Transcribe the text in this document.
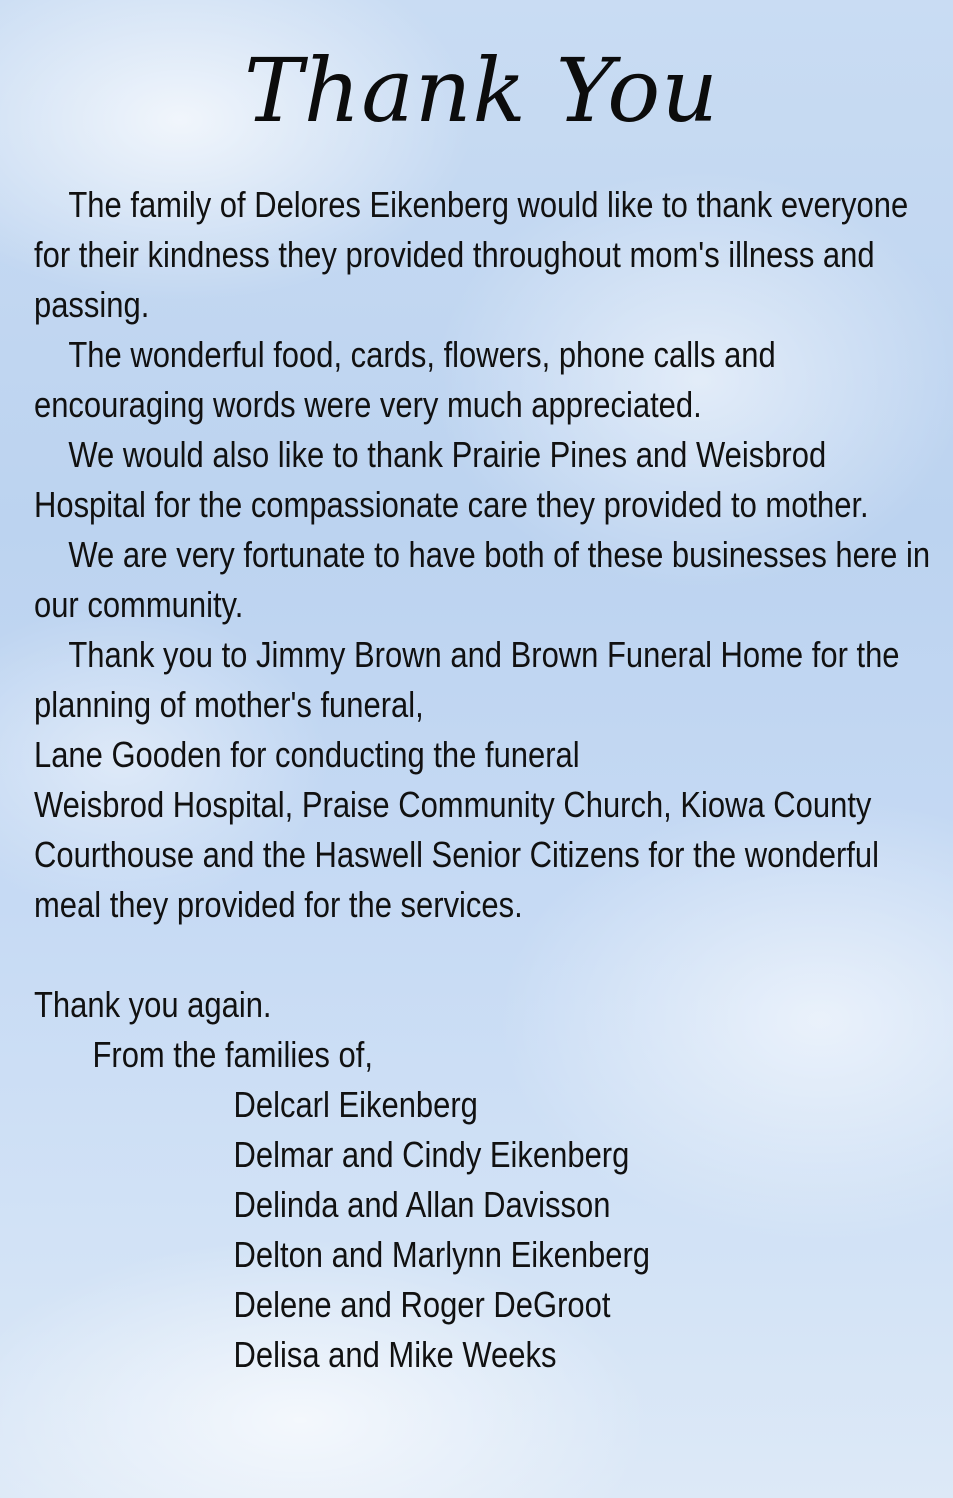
Thank You

The family of Delores Eikenberg would like to thank everyone for their kindness they provided throughout mom's illness and passing.

The wonderful food, cards, flowers, phone calls and encouraging words were very much appreciated.

We would also like to thank Prairie Pines and Weisbrod Hospital for the compassionate care they provided to mother.

We are very fortunate to have both of these businesses here in our community.

Thank you to Jimmy Brown and Brown Funeral Home for the planning of mother's funeral,

Lane Gooden for conducting the funeral

Weisbrod Hospital, Praise Community Church, Kiowa County Courthouse and the Haswell Senior Citizens for the wonderful meal they provided for the services.

Thank you again.

From the families of,

Delcarl Eikenberg
Delmar and Cindy Eikenberg
Delinda and Allan Davisson
Delton and Marlynn Eikenberg
Delene and Roger DeGroot
Delisa and Mike Weeks
